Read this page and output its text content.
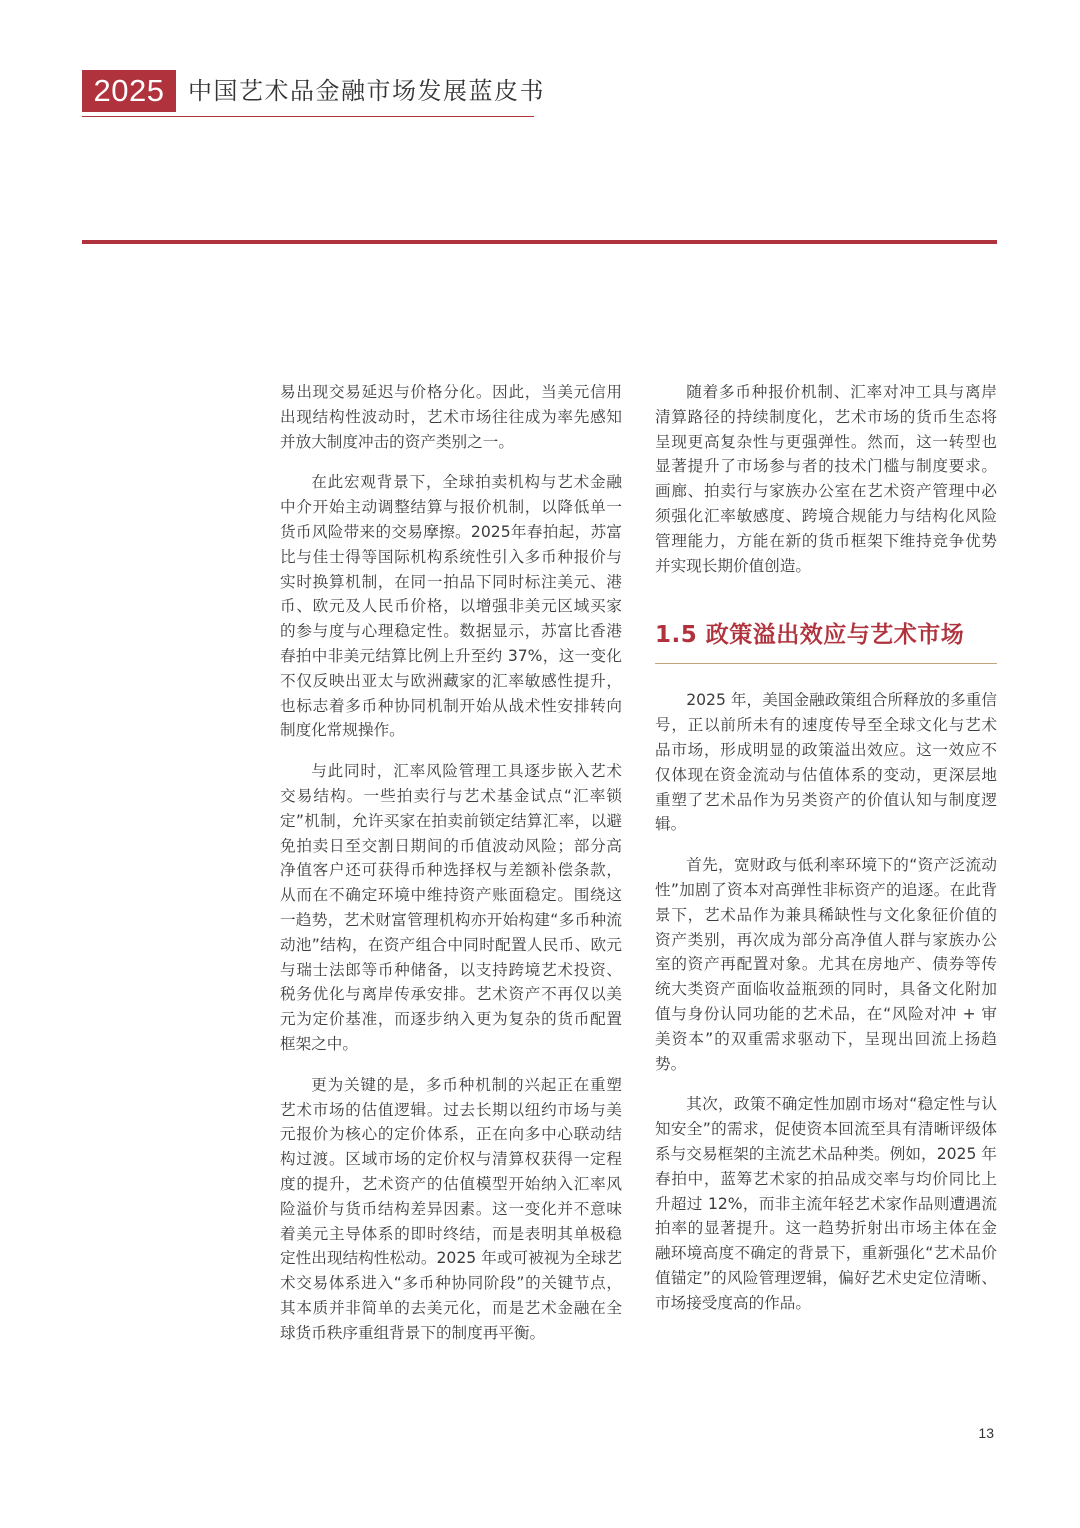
2025 中国艺术品金融市场发展蓝皮书

易出现交易延迟与价格分化。因此，当美元信用出现结构性波动时，艺术市场往往成为率先感知并放大制度冲击的资产类别之一。

在此宏观背景下，全球拍卖机构与艺术金融中介开始主动调整结算与报价机制，以降低单一货币风险带来的交易摩擦。2025年春拍起，苏富比与佳士得等国际机构系统性引入多币种报价与实时换算机制，在同一拍品下同时标注美元、港币、欧元及人民币价格，以增强非美元区域买家的参与度与心理稳定性。数据显示，苏富比香港春拍中非美元结算比例上升至约 37%，这一变化不仅反映出亚太与欧洲藏家的汇率敏感性提升，也标志着多币种协同机制开始从战术性安排转向制度化常规操作。

与此同时，汇率风险管理工具逐步嵌入艺术交易结构。一些拍卖行与艺术基金试点“汇率锁定”机制，允许买家在拍卖前锁定结算汇率，以避免拍卖日至交割日期间的币值波动风险；部分高净值客户还可获得币种选择权与差额补偿条款，从而在不确定环境中维持资产账面稳定。围绕这一趋势，艺术财富管理机构亦开始构建“多币种流动池”结构，在资产组合中同时配置人民币、欧元与瑞士法郎等币种储备，以支持跨境艺术投资、税务优化与离岸传承安排。艺术资产不再仅以美元为定价基准，而逐步纳入更为复杂的货币配置框架之中。

更为关键的是，多币种机制的兴起正在重塑艺术市场的估值逻辑。过去长期以纽约市场与美元报价为核心的定价体系，正在向多中心联动结构过渡。区域市场的定价权与清算权获得一定程度的提升，艺术资产的估值模型开始纳入汇率风险溢价与货币结构差异因素。这一变化并不意味着美元主导体系的即时终结，而是表明其单极稳定性出现结构性松动。2025 年或可被视为全球艺术交易体系进入“多币种协同阶段”的关键节点，其本质并非简单的去美元化，而是艺术金融在全球货币秩序重组背景下的制度再平衡。

随着多币种报价机制、汇率对冲工具与离岸清算路径的持续制度化，艺术市场的货币生态将呈现更高复杂性与更强弹性。然而，这一转型也显著提升了市场参与者的技术门槛与制度要求。画廊、拍卖行与家族办公室在艺术资产管理中必须强化汇率敏感度、跨境合规能力与结构化风险管理能力，方能在新的货币框架下维持竞争优势并实现长期价值创造。

1.5 政策溢出效应与艺术市场

2025 年，美国金融政策组合所释放的多重信号，正以前所未有的速度传导至全球文化与艺术品市场，形成明显的政策溢出效应。这一效应不仅体现在资金流动与估值体系的变动，更深层地重塑了艺术品作为另类资产的价值认知与制度逻辑。

首先，宽财政与低利率环境下的“资产泛流动性”加剧了资本对高弹性非标资产的追逐。在此背景下，艺术品作为兼具稀缺性与文化象征价值的资产类别，再次成为部分高净值人群与家族办公室的资产再配置对象。尤其在房地产、债券等传统大类资产面临收益瓶颈的同时，具备文化附加值与身份认同功能的艺术品，在“风险对冲 + 审美资本”的双重需求驱动下，呈现出回流上扬趋势。

其次，政策不确定性加剧市场对“稳定性与认知安全”的需求，促使资本回流至具有清晰评级体系与交易框架的主流艺术品种类。例如，2025 年春拍中，蓝筹艺术家的拍品成交率与均价同比上升超过 12%，而非主流年轻艺术家作品则遭遇流拍率的显著提升。这一趋势折射出市场主体在金融环境高度不确定的背景下，重新强化“艺术品价值锚定”的风险管理逻辑，偏好艺术史定位清晰、市场接受度高的作品。

13
